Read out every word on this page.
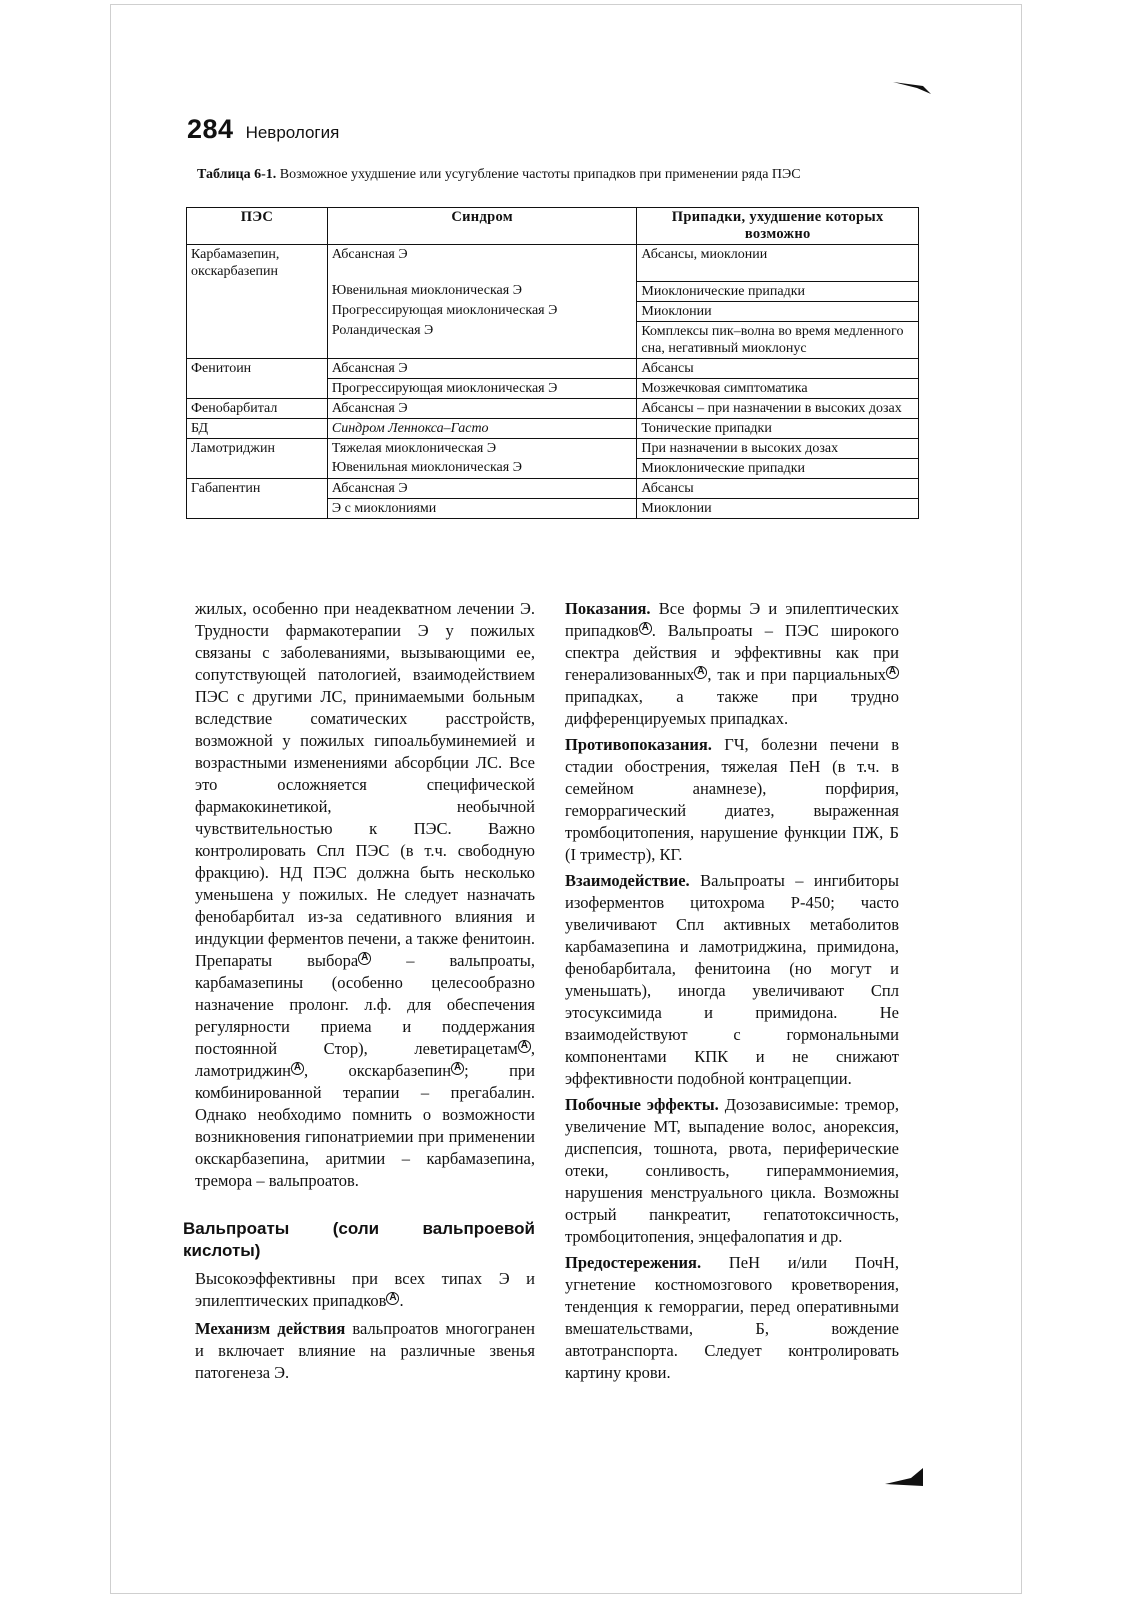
284 Неврология
Таблица 6-1. Возможное ухудшение или усугубление частоты припадков при применении ряда ПЭС
ПЭС	Синдром	Припадки, ухудшение которых возможно
Карбамазепин, окскарбазепин	Абсансная Э	Абсансы, миоклонии
	Ювенильная миоклоническая Э	Миоклонические припадки
	Прогрессирующая миоклоническая Э	Миоклонии
	Роландическая Э	Комплексы пик–волна во время медленного сна, негативный миоклонус
Фенитоин	Абсансная Э	Абсансы
	Прогрессирующая миоклоническая Э	Мозжечковая симптоматика
Фенобарбитал	Абсансная Э	Абсансы – при назначении в высоких дозах
БД	Синдром Леннокса–Гасто	Тонические припадки
Ламотриджин	Тяжелая миоклоническая Э	При назначении в высоких дозах
	Ювенильная миоклоническая Э	Миоклонические припадки
Габапентин	Абсансная Э	Абсансы
	Э с миоклониями	Миоклонии

жилых, особенно при неадекватном лечении Э. Трудности фармакотерапии Э у пожилых связаны с заболеваниями, вызывающими ее, сопутствующей патологией, взаимодействием ПЭС с другими ЛС, принимаемыми больным вследствие соматических расстройств, возможной у пожилых гипоальбуминемией и возрастными изменениями абсорбции ЛС. Все это осложняется специфической фармакокинетикой, необычной чувствительностью к ПЭС. Важно контролировать Cпл ПЭС (в т.ч. свободную фракцию). НД ПЭС должна быть несколько уменьшена у пожилых. Не следует назначать фенобарбитал из-за седативного влияния и индукции ферментов печени, а также фенитоин. Препараты выбора A – вальпроаты, карбамазепины (особенно целесообразно назначение пролонг. л.ф. для обеспечения регулярности приема и поддержания постоянной Cтор), леветирацетам A , ламотриджин A , окскарбазепин A ; при комбинированной терапии – прегабалин. Однако необходимо помнить о возможности возникновения гипонатриемии при применении окскарбазепина, аритмии – карбамазепина, тремора – вальпроатов.

Вальпроаты (соли вальпроевой кислоты)

Высокоэффективны при всех типах Э и эпилептических припадков A .

Механизм действия вальпроатов многогранен и включает влияние на различные звенья патогенеза Э.

Показания. Все формы Э и эпилептических припадков A . Вальпроаты – ПЭС широкого спектра действия и эффективны как при генерализованных A , так и при парциальных A припадках, а также при трудно дифференцируемых припадках.

Противопоказания. ГЧ, болезни печени в стадии обострения, тяжелая ПеН (в т.ч. в семейном анамнезе), порфирия, геморрагический диатез, выраженная тромбоцитопения, нарушение функции ПЖ, Б (I триместр), КГ.

Взаимодействие. Вальпроаты – ингибиторы изоферментов цитохрома P-450; часто увеличивают Cпл активных метаболитов карбамазепина и ламотриджина, примидона, фенобарбитала, фенитоина (но могут и уменьшать), иногда увеличивают Cпл этосуксимида и примидона. Не взаимодействуют с гормональными компонентами КПК и не снижают эффективности подобной контрацепции.

Побочные эффекты. Дозозависимые: тремор, увеличение МТ, выпадение волос, анорексия, диспепсия, тошнота, рвота, периферические отеки, сонливость, гипераммониемия, нарушения менструального цикла. Возможны острый панкреатит, гепатотоксичность, тромбоцитопения, энцефалопатия и др.

Предостережения. ПеН и/или ПочН, угнетение костномозгового кроветворения, тенденция к геморрагии, перед оперативными вмешательствами, Б, вождение автотранспорта. Следует контролировать картину крови.
